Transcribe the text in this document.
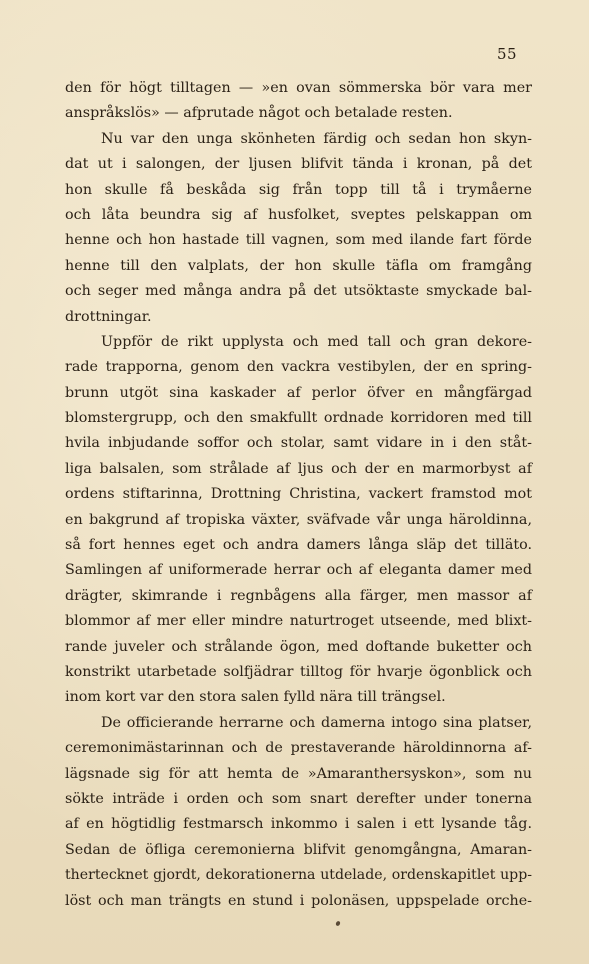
55
den för högt tilltagen — »en ovan sömmerska bör vara mer
anspråkslös» — afprutade något och betalade resten.
Nu var den unga skönheten färdig och sedan hon skyn-
dat ut i salongen, der ljusen blifvit tända i kronan, på det
hon skulle få beskåda sig från topp till tå i trymåerne
och låta beundra sig af husfolket, sveptes pelskappan om
henne och hon hastade till vagnen, som med ilande fart förde
henne till den valplats, der hon skulle täfla om framgång
och seger med många andra på det utsöktaste smyckade bal-
drottningar.
Uppför de rikt upplysta och med tall och gran dekore-
rade trapporna, genom den vackra vestibylen, der en spring-
brunn utgöt sina kaskader af perlor öfver en mångfärgad
blomstergrupp, och den smakfullt ordnade korridoren med till
hvila inbjudande soffor och stolar, samt vidare in i den ståt-
liga balsalen, som strålade af ljus och der en marmorbyst af
ordens stiftarinna, Drottning Christina, vackert framstod mot
en bakgrund af tropiska växter, sväfvade vår unga häroldinna,
så fort hennes eget och andra damers långa släp det tilläto.
Samlingen af uniformerade herrar och af eleganta damer med
drägter, skimrande i regnbågens alla färger, men massor af
blommor af mer eller mindre naturtroget utseende, med blixt-
rande juveler och strålande ögon, med doftande buketter och
konstrikt utarbetade solfjädrar tilltog för hvarje ögonblick och
inom kort var den stora salen fylld nära till trängsel.
De officierande herrarne och damerna intogo sina platser,
ceremonimästarinnan och de prestaverande häroldinnorna af-
lägsnade sig för att hemta de »Amaranthersyskon», som nu
sökte inträde i orden och som snart derefter under tonerna
af en högtidlig festmarsch inkommo i salen i ett lysande tåg.
Sedan de öfliga ceremonierna blifvit genomgångna, Amaran-
thertecknet gjordt, dekorationerna utdelade, ordenskapitlet upp-
löst och man trängts en stund i polonäsen, uppspelade orche-
